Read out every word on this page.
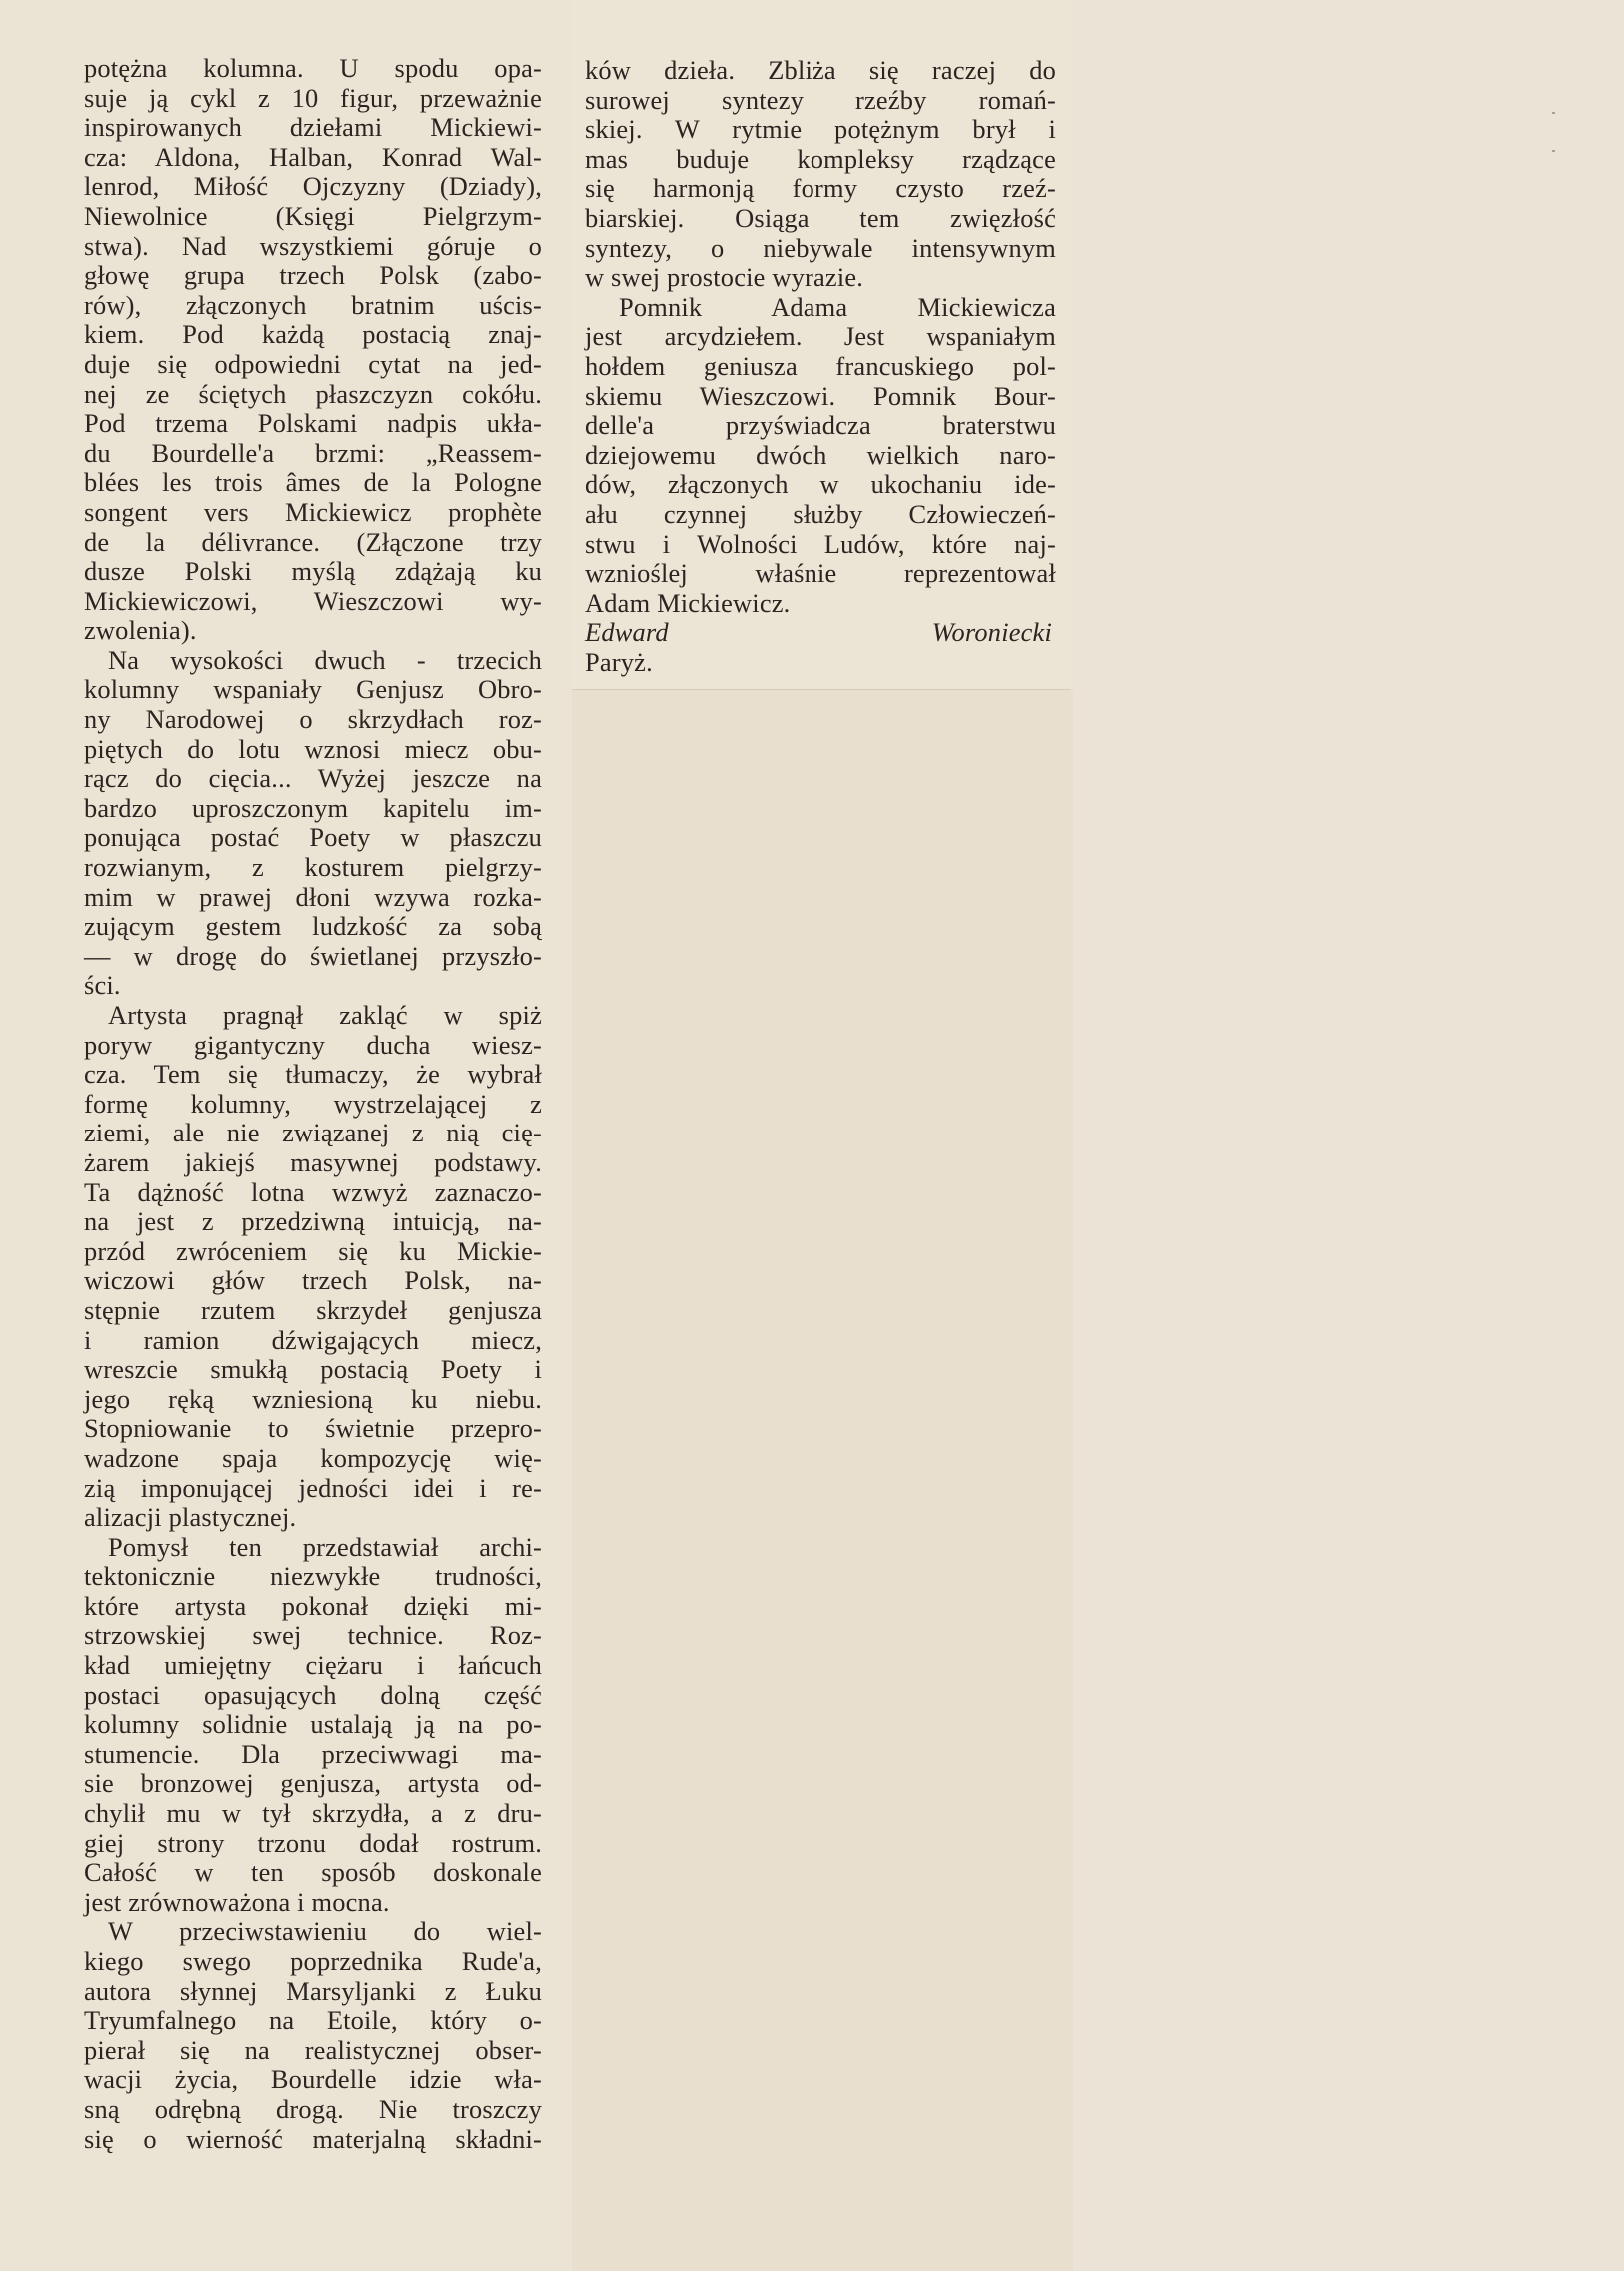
potężna kolumna. U spodu opa-

suje ją cykl z 10 figur, przeważnie

inspirowanych dziełami Mickiewi-

cza: Aldona, Halban, Konrad Wal-

lenrod, Miłość Ojczyzny (Dziady),

Niewolnice (Księgi Pielgrzym-

stwa). Nad wszystkiemi góruje o

głowę grupa trzech Polsk (zabo-

rów), złączonych bratnim uścis-

kiem. Pod każdą postacią znaj-

duje się odpowiedni cytat na jed-

nej ze ściętych płaszczyzn cokółu.

Pod trzema Polskami nadpis ukła-

du Bourdelle'a brzmi: „Reassem-

blées les trois âmes de la Pologne

songent vers Mickiewicz prophète

de la délivrance. (Złączone trzy

dusze Polski myślą zdążają ku

Mickiewiczowi, Wieszczowi wy-

zwolenia).

Na wysokości dwuch - trzecich

kolumny wspaniały Genjusz Obro-

ny Narodowej o skrzydłach roz-

piętych do lotu wznosi miecz obu-

rącz do cięcia... Wyżej jeszcze na

bardzo uproszczonym kapitelu im-

ponująca postać Poety w płaszczu

rozwianym, z kosturem pielgrzy-

mim w prawej dłoni wzywa rozka-

zującym gestem ludzkość za sobą

— w drogę do świetlanej przyszło-

ści.

Artysta pragnął zakląć w spiż

poryw gigantyczny ducha wiesz-

cza. Tem się tłumaczy, że wybrał

formę kolumny, wystrzelającej z

ziemi, ale nie związanej z nią cię-

żarem jakiejś masywnej podstawy.

Ta dążność lotna wzwyż zaznaczo-

na jest z przedziwną intuicją, na-

przód zwróceniem się ku Mickie-

wiczowi głów trzech Polsk, na-

stępnie rzutem skrzydeł genjusza

i ramion dźwigających miecz,

wreszcie smukłą postacią Poety i

jego ręką wzniesioną ku niebu.

Stopniowanie to świetnie przepro-

wadzone spaja kompozycję wię-

zią imponującej jedności idei i re-

alizacji plastycznej.

Pomysł ten przedstawiał archi-

tektonicznie niezwykłe trudności,

które artysta pokonał dzięki mi-

strzowskiej swej technice. Roz-

kład umiejętny ciężaru i łańcuch

postaci opasujących dolną część

kolumny solidnie ustalają ją na po-

stumencie. Dla przeciwwagi ma-

sie bronzowej genjusza, artysta od-

chylił mu w tył skrzydła, a z dru-

giej strony trzonu dodał rostrum.

Całość w ten sposób doskonale

jest zrównoważona i mocna.

W przeciwstawieniu do wiel-

kiego swego poprzednika Rude'a,

autora słynnej Marsyljanki z Łuku

Tryumfalnego na Etoile, który o-

pierał się na realistycznej obser-

wacji życia, Bourdelle idzie wła-

sną odrębną drogą. Nie troszczy

się o wierność materjalną składni-

ków dzieła. Zbliża się raczej do

surowej syntezy rzeźby romań-

skiej. W rytmie potężnym brył i

mas buduje kompleksy rządzące

się harmonją formy czysto rzeź-

biarskiej. Osiąga tem zwięzłość

syntezy, o niebywale intensywnym

w swej prostocie wyrazie.

Pomnik Adama Mickiewicza

jest arcydziełem. Jest wspaniałym

hołdem geniusza francuskiego pol-

skiemu Wieszczowi. Pomnik Bour-

delle'a przyświadcza braterstwu

dziejowemu dwóch wielkich naro-

dów, złączonych w ukochaniu ide-

ału czynnej służby Człowieczeń-

stwu i Wolności Ludów, które naj-

wznioślej właśnie reprezentował

Adam Mickiewicz.

Edward Woroniecki

Paryż.
